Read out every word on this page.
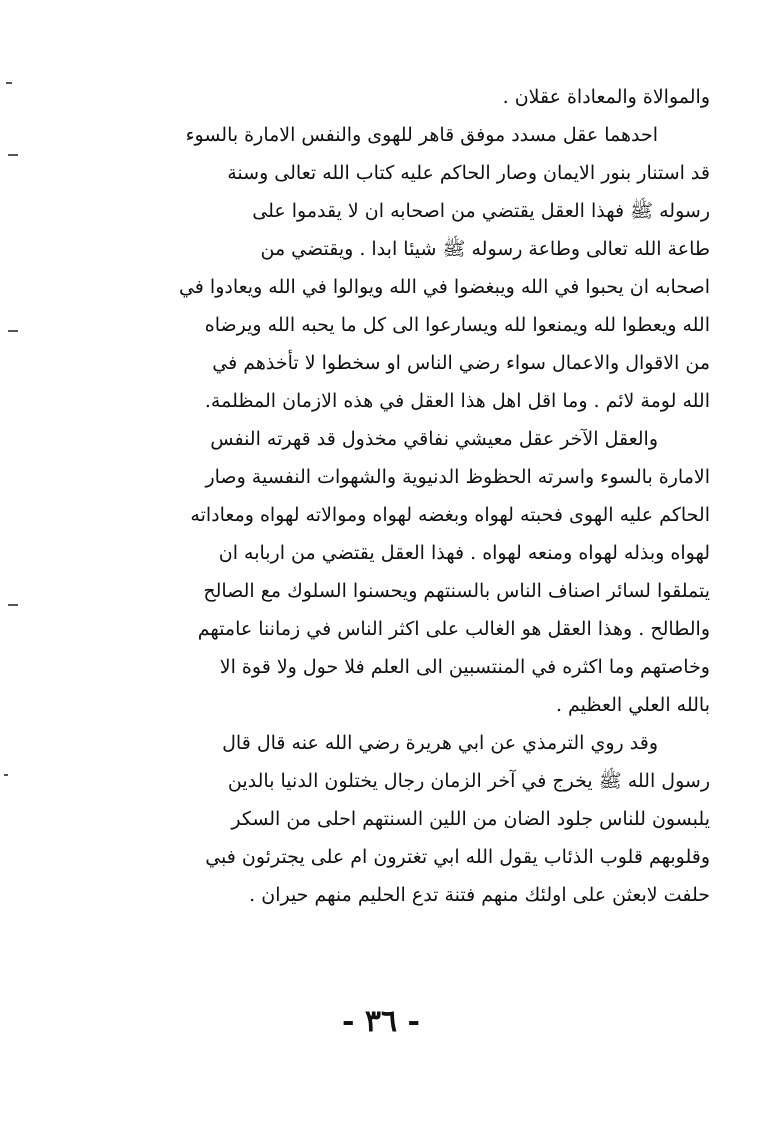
والموالاة والمعاداة عقلان .
احدهما عقل مسدد موفق قاهر للهوى والنفس الامارة بالسوء
قد استنار بنور الايمان وصار الحاكم عليه كتاب الله تعالى وسنة
رسوله ﷺ فهذا العقل يقتضي من اصحابه ان لا يقدموا على
طاعة الله تعالى وطاعة رسوله ﷺ شيئا ابدا . ويقتضي من
اصحابه ان يحبوا في الله ويبغضوا في الله ويوالوا في الله ويعادوا في
الله ويعطوا لله ويمنعوا لله ويسارعوا الى كل ما يحبه الله ويرضاه
من الاقوال والاعمال سواء رضي الناس او سخطوا لا تأخذهم في
الله لومة لائم . وما اقل اهل هذا العقل في هذه الازمان المظلمة.
والعقل الآخر عقل معيشي نفاقي مخذول قد قهرته النفس
الامارة بالسوء واسرته الحظوظ الدنيوية والشهوات النفسية وصار
الحاكم عليه الهوى فحبته لهواه وبغضه لهواه وموالاته لهواه ومعاداته
لهواه وبذله لهواه ومنعه لهواه . فهذا العقل يقتضي من اربابه ان
يتملقوا لسائر اصناف الناس بالسنتهم ويحسنوا السلوك مع الصالح
والطالح . وهذا العقل هو الغالب على اكثر الناس في زماننا عامتهم
وخاصتهم وما اكثره في المنتسبين الى العلم فلا حول ولا قوة الا
بالله العلي العظيم .
وقد روي الترمذي عن ابي هريرة رضي الله عنه قال قال
رسول الله ﷺ يخرج في آخر الزمان رجال يختلون الدنيا بالدين
يلبسون للناس جلود الضان من اللين السنتهم احلى من السكر
وقلوبهم قلوب الذئاب يقول الله ابي تغترون ام على يجترئون فبي
حلفت لابعثن على اولئك منهم فتنة تدع الحليم منهم حيران .
- ٣٦ -
